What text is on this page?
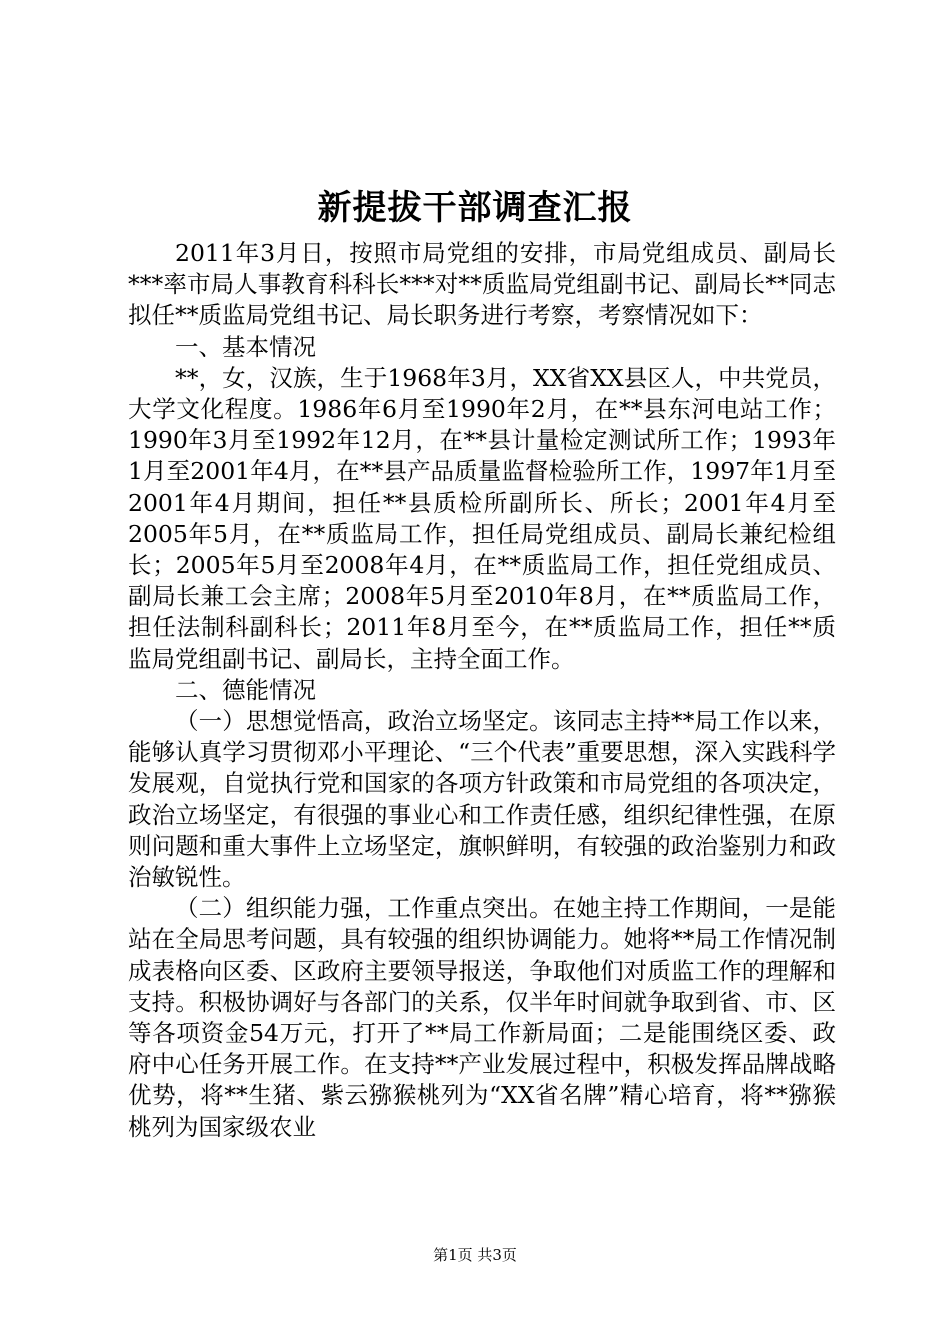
新提拔干部调查汇报

2011年3月日，按照市局党组的安排，市局党组成员、副局长***率市局人事教育科科长***对**质监局党组副书记、副局长**同志拟任**质监局党组书记、局长职务进行考察，考察情况如下：

一、基本情况

**，女，汉族，生于1968年3月，XX省XX县区人，中共党员，大学文化程度。1986年6月至1990年2月，在**县东河电站工作；1990年3月至1992年12月，在**县计量检定测试所工作；1993年1月至2001年4月，在**县产品质量监督检验所工作，1997年1月至2001年4月期间，担任**县质检所副所长、所长；2001年4月至2005年5月，在**质监局工作，担任局党组成员、副局长兼纪检组长；2005年5月至2008年4月，在**质监局工作，担任党组成员、副局长兼工会主席；2008年5月至2010年8月，在**质监局工作，担任法制科副科长；2011年8月至今，在**质监局工作，担任**质监局党组副书记、副局长，主持全面工作。

二、德能情况

（一）思想觉悟高，政治立场坚定。该同志主持**局工作以来，能够认真学习贯彻邓小平理论、“三个代表”重要思想，深入实践科学发展观，自觉执行党和国家的各项方针政策和市局党组的各项决定，政治立场坚定，有很强的事业心和工作责任感，组织纪律性强，在原则问题和重大事件上立场坚定，旗帜鲜明，有较强的政治鉴别力和政治敏锐性。

（二）组织能力强，工作重点突出。在她主持工作期间，一是能站在全局思考问题，具有较强的组织协调能力。她将**局工作情况制成表格向区委、区政府主要领导报送，争取他们对质监工作的理解和支持。积极协调好与各部门的关系，仅半年时间就争取到省、市、区等各项资金54万元，打开了**局工作新局面；二是能围绕区委、政府中心任务开展工作。在支持**产业发展过程中，积极发挥品牌战略优势，将**生猪、紫云猕猴桃列为“XX省名牌”精心培育，将**猕猴桃列为国家级农业

第1页 共3页
